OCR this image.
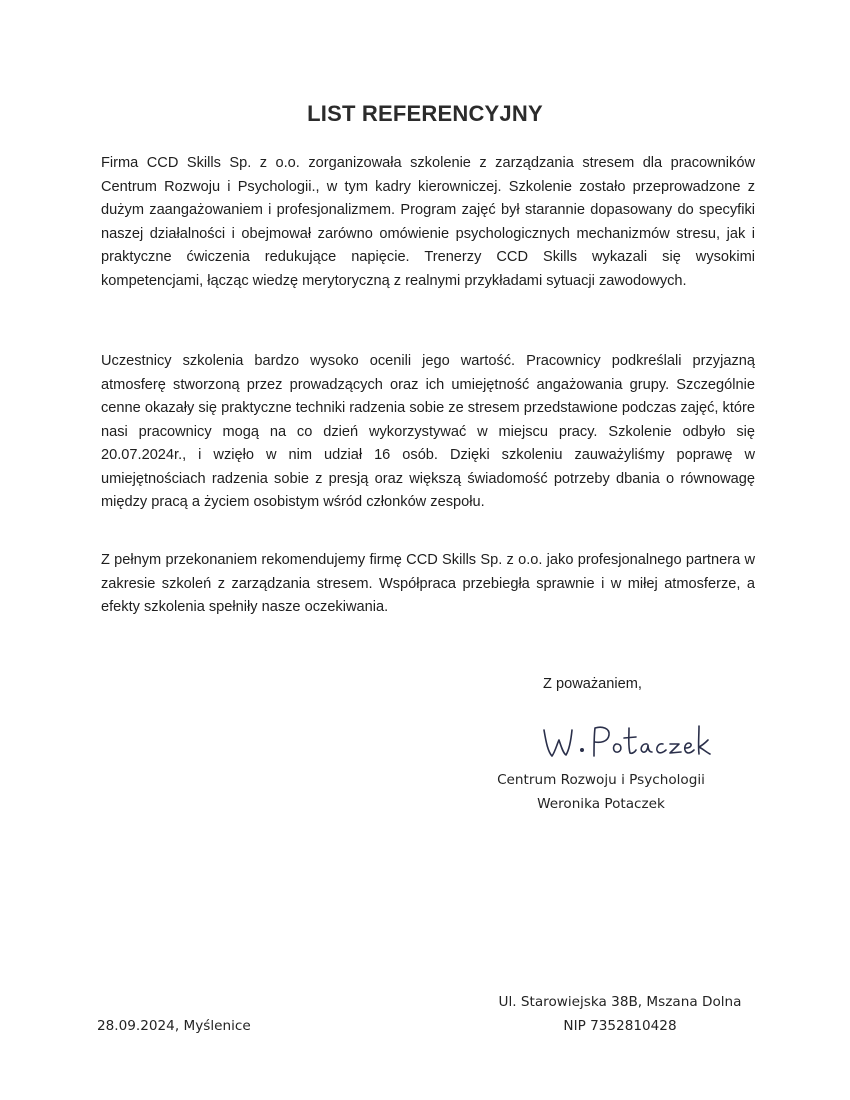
LIST REFERENCYJNY

Firma CCD Skills Sp. z o.o. zorganizowała szkolenie z zarządzania stresem dla pracowników Centrum Rozwoju i Psychologii., w tym kadry kierowniczej. Szkolenie zostało przeprowadzone z dużym zaangażowaniem i profesjonalizmem. Program zajęć był starannie dopasowany do specyfiki naszej działalności i obejmował zarówno omówienie psychologicznych mechanizmów stresu, jak i praktyczne ćwiczenia redukujące napięcie. Trenerzy CCD Skills wykazali się wysokimi kompetencjami, łącząc wiedzę merytoryczną z realnymi przykładami sytuacji zawodowych.

Uczestnicy szkolenia bardzo wysoko ocenili jego wartość. Pracownicy podkreślali przyjazną atmosferę stworzoną przez prowadzących oraz ich umiejętność angażowania grupy. Szczególnie cenne okazały się praktyczne techniki radzenia sobie ze stresem przedstawione podczas zajęć, które nasi pracownicy mogą na co dzień wykorzystywać w miejscu pracy. Szkolenie odbyło się 20.07.2024r., i wzięło w nim udział 16 osób. Dzięki szkoleniu zauważyliśmy poprawę w umiejętnościach radzenia sobie z presją oraz większą świadomość potrzeby dbania o równowagę między pracą a życiem osobistym wśród członków zespołu.

Z pełnym przekonaniem rekomendujemy firmę CCD Skills Sp. z o.o. jako profesjonalnego partnera w zakresie szkoleń z zarządzania stresem. Współpraca przebiegła sprawnie i w miłej atmosferze, a efekty szkolenia spełniły nasze oczekiwania.

Z poważaniem,
Centrum Rozwoju i Psychologii
Weronika Potaczek
Ul. Starowiejska 38B, Mszana Dolna
NIP 7352810428
28.09.2024, Myślenice
